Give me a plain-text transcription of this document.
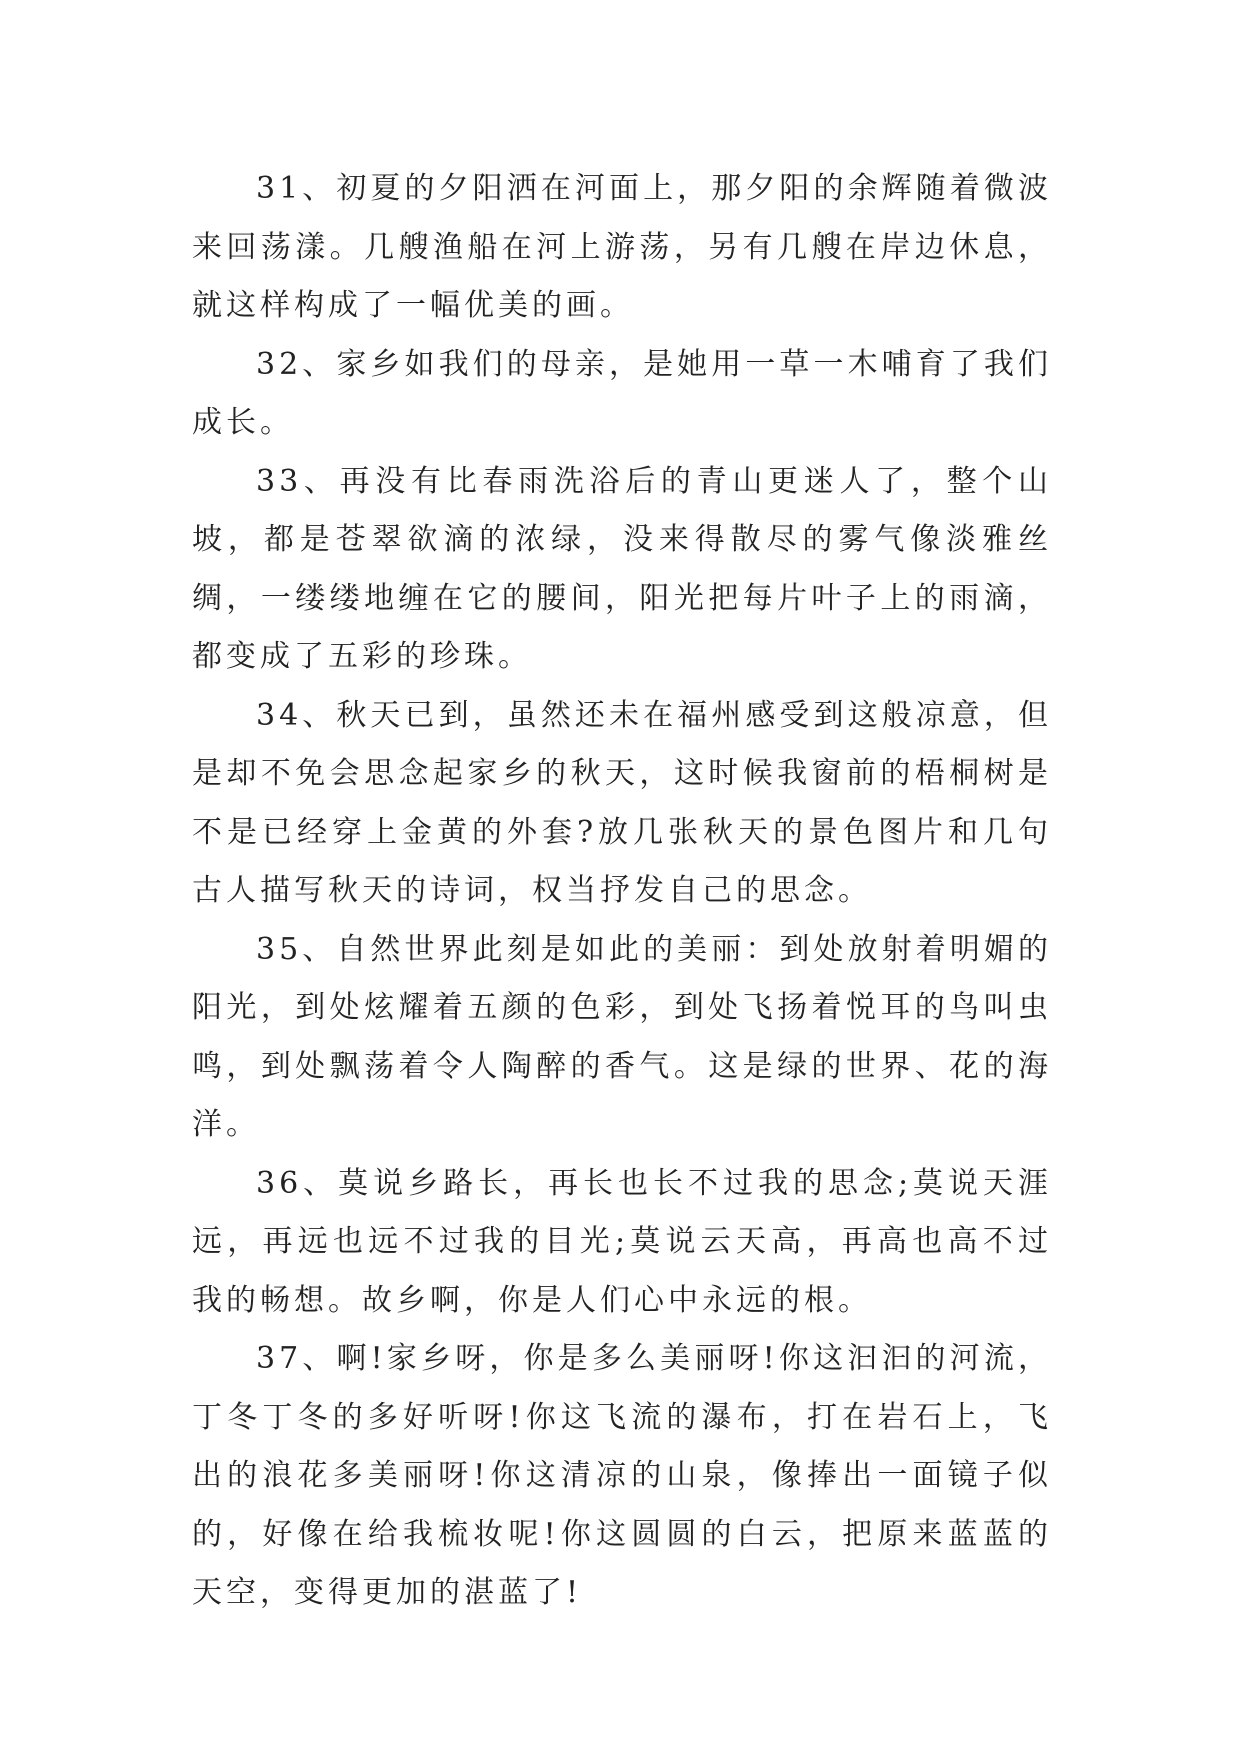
31、初夏的夕阳洒在河面上，那夕阳的余辉随着微波来回荡漾。几艘渔船在河上游荡，另有几艘在岸边休息，就这样构成了一幅优美的画。

32、家乡如我们的母亲，是她用一草一木哺育了我们成长。

33、再没有比春雨洗浴后的青山更迷人了，整个山坡，都是苍翠欲滴的浓绿，没来得散尽的雾气像淡雅丝绸，一缕缕地缠在它的腰间，阳光把每片叶子上的雨滴，都变成了五彩的珍珠。

34、秋天已到，虽然还未在福州感受到这般凉意，但是却不免会思念起家乡的秋天，这时候我窗前的梧桐树是不是已经穿上金黄的外套?放几张秋天的景色图片和几句古人描写秋天的诗词，权当抒发自己的思念。

35、自然世界此刻是如此的美丽：到处放射着明媚的阳光，到处炫耀着五颜的色彩，到处飞扬着悦耳的鸟叫虫鸣，到处飘荡着令人陶醉的香气。这是绿的世界、花的海洋。

36、莫说乡路长，再长也长不过我的思念;莫说天涯远，再远也远不过我的目光;莫说云天高，再高也高不过我的畅想。故乡啊，你是人们心中永远的根。

37、啊!家乡呀，你是多么美丽呀!你这汩汩的河流，丁冬丁冬的多好听呀!你这飞流的瀑布，打在岩石上，飞出的浪花多美丽呀!你这清凉的山泉，像捧出一面镜子似的，好像在给我梳妆呢!你这圆圆的白云，把原来蓝蓝的天空，变得更加的湛蓝了!
